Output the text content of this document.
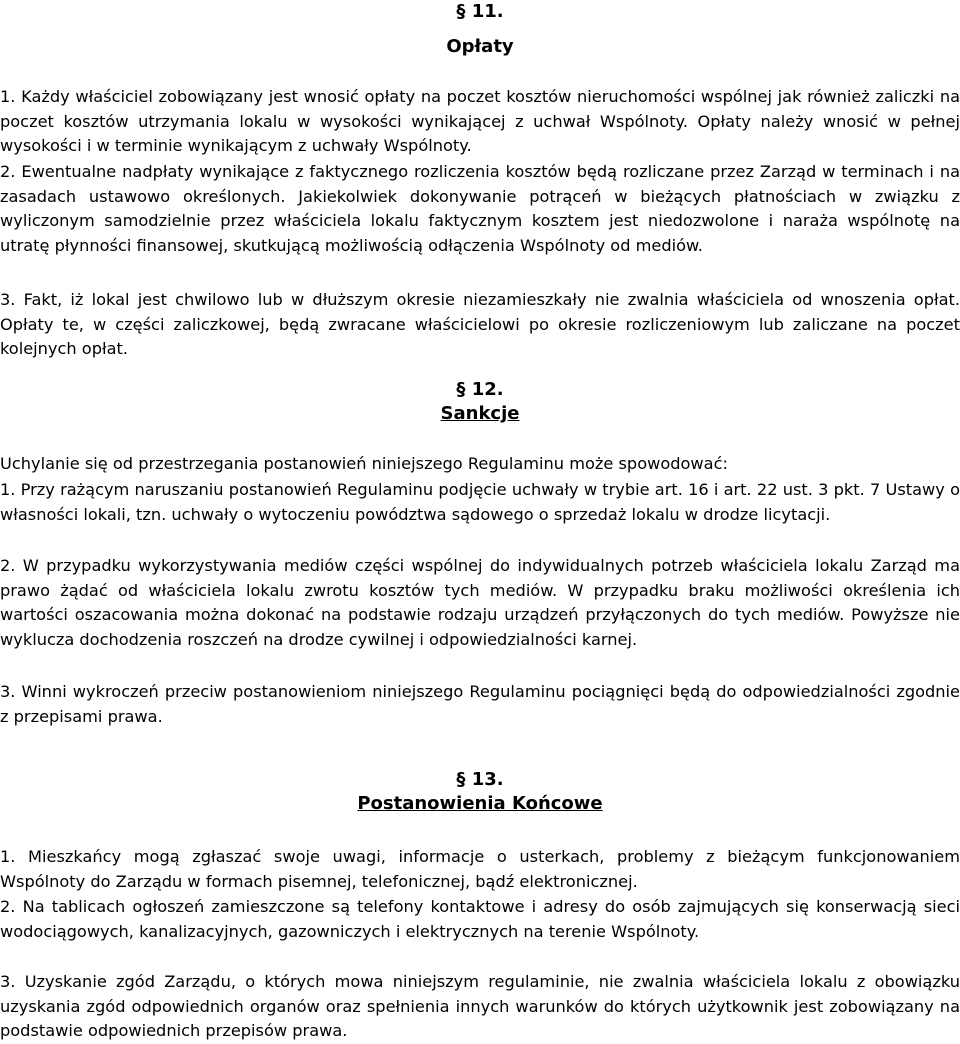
§ 11.
Opłaty

1. Każdy właściciel zobowiązany jest wnosić opłaty na poczet kosztów nieruchomości wspólnej jak również zaliczki na poczet kosztów utrzymania lokalu w wysokości wynikającej z uchwał Wspólnoty. Opłaty należy wnosić w pełnej wysokości i w terminie wynikającym z uchwały Wspólnoty.

2. Ewentualne nadpłaty wynikające z faktycznego rozliczenia kosztów będą rozliczane przez Zarząd w terminach i na zasadach ustawowo określonych. Jakiekolwiek dokonywanie potrąceń w bieżących płatnościach w związku z wyliczonym samodzielnie przez właściciela lokalu faktycznym kosztem jest niedozwolone i naraża wspólnotę na utratę płynności finansowej, skutkującą możliwością odłączenia Wspólnoty od mediów.

3. Fakt, iż lokal jest chwilowo lub w dłuższym okresie niezamieszkały nie zwalnia właściciela od wnoszenia opłat. Opłaty te, w części zaliczkowej, będą zwracane właścicielowi po okresie rozliczeniowym lub zaliczane na poczet kolejnych opłat.

§ 12.
Sankcje

Uchylanie się od przestrzegania postanowień niniejszego Regulaminu może spowodować:

1. Przy rażącym naruszaniu postanowień Regulaminu podjęcie uchwały w trybie art. 16 i art. 22 ust. 3 pkt. 7 Ustawy o własności lokali, tzn. uchwały o wytoczeniu powództwa sądowego o sprzedaż lokalu w drodze licytacji.

2. W przypadku wykorzystywania mediów części wspólnej do indywidualnych potrzeb właściciela lokalu Zarząd ma prawo żądać od właściciela lokalu zwrotu kosztów tych mediów. W przypadku braku możliwości określenia ich wartości oszacowania można dokonać na podstawie rodzaju urządzeń przyłączonych do tych mediów. Powyższe nie wyklucza dochodzenia roszczeń na drodze cywilnej i odpowiedzialności karnej.

3. Winni wykroczeń przeciw postanowieniom niniejszego Regulaminu pociągnięci będą do odpowiedzialności zgodnie z przepisami prawa.

§ 13.
Postanowienia Końcowe

1. Mieszkańcy mogą zgłaszać swoje uwagi, informacje o usterkach, problemy z bieżącym funkcjonowaniem Wspólnoty do Zarządu w formach pisemnej, telefonicznej, bądź elektronicznej.

2. Na tablicach ogłoszeń zamieszczone są telefony kontaktowe i adresy do osób zajmujących się konserwacją sieci wodociągowych, kanalizacyjnych, gazowniczych i elektrycznych na terenie Wspólnoty.

3. Uzyskanie zgód Zarządu, o których mowa niniejszym regulaminie, nie zwalnia właściciela lokalu z obowiązku uzyskania zgód odpowiednich organów oraz spełnienia innych warunków do których użytkownik jest zobowiązany na podstawie odpowiednich przepisów prawa.
